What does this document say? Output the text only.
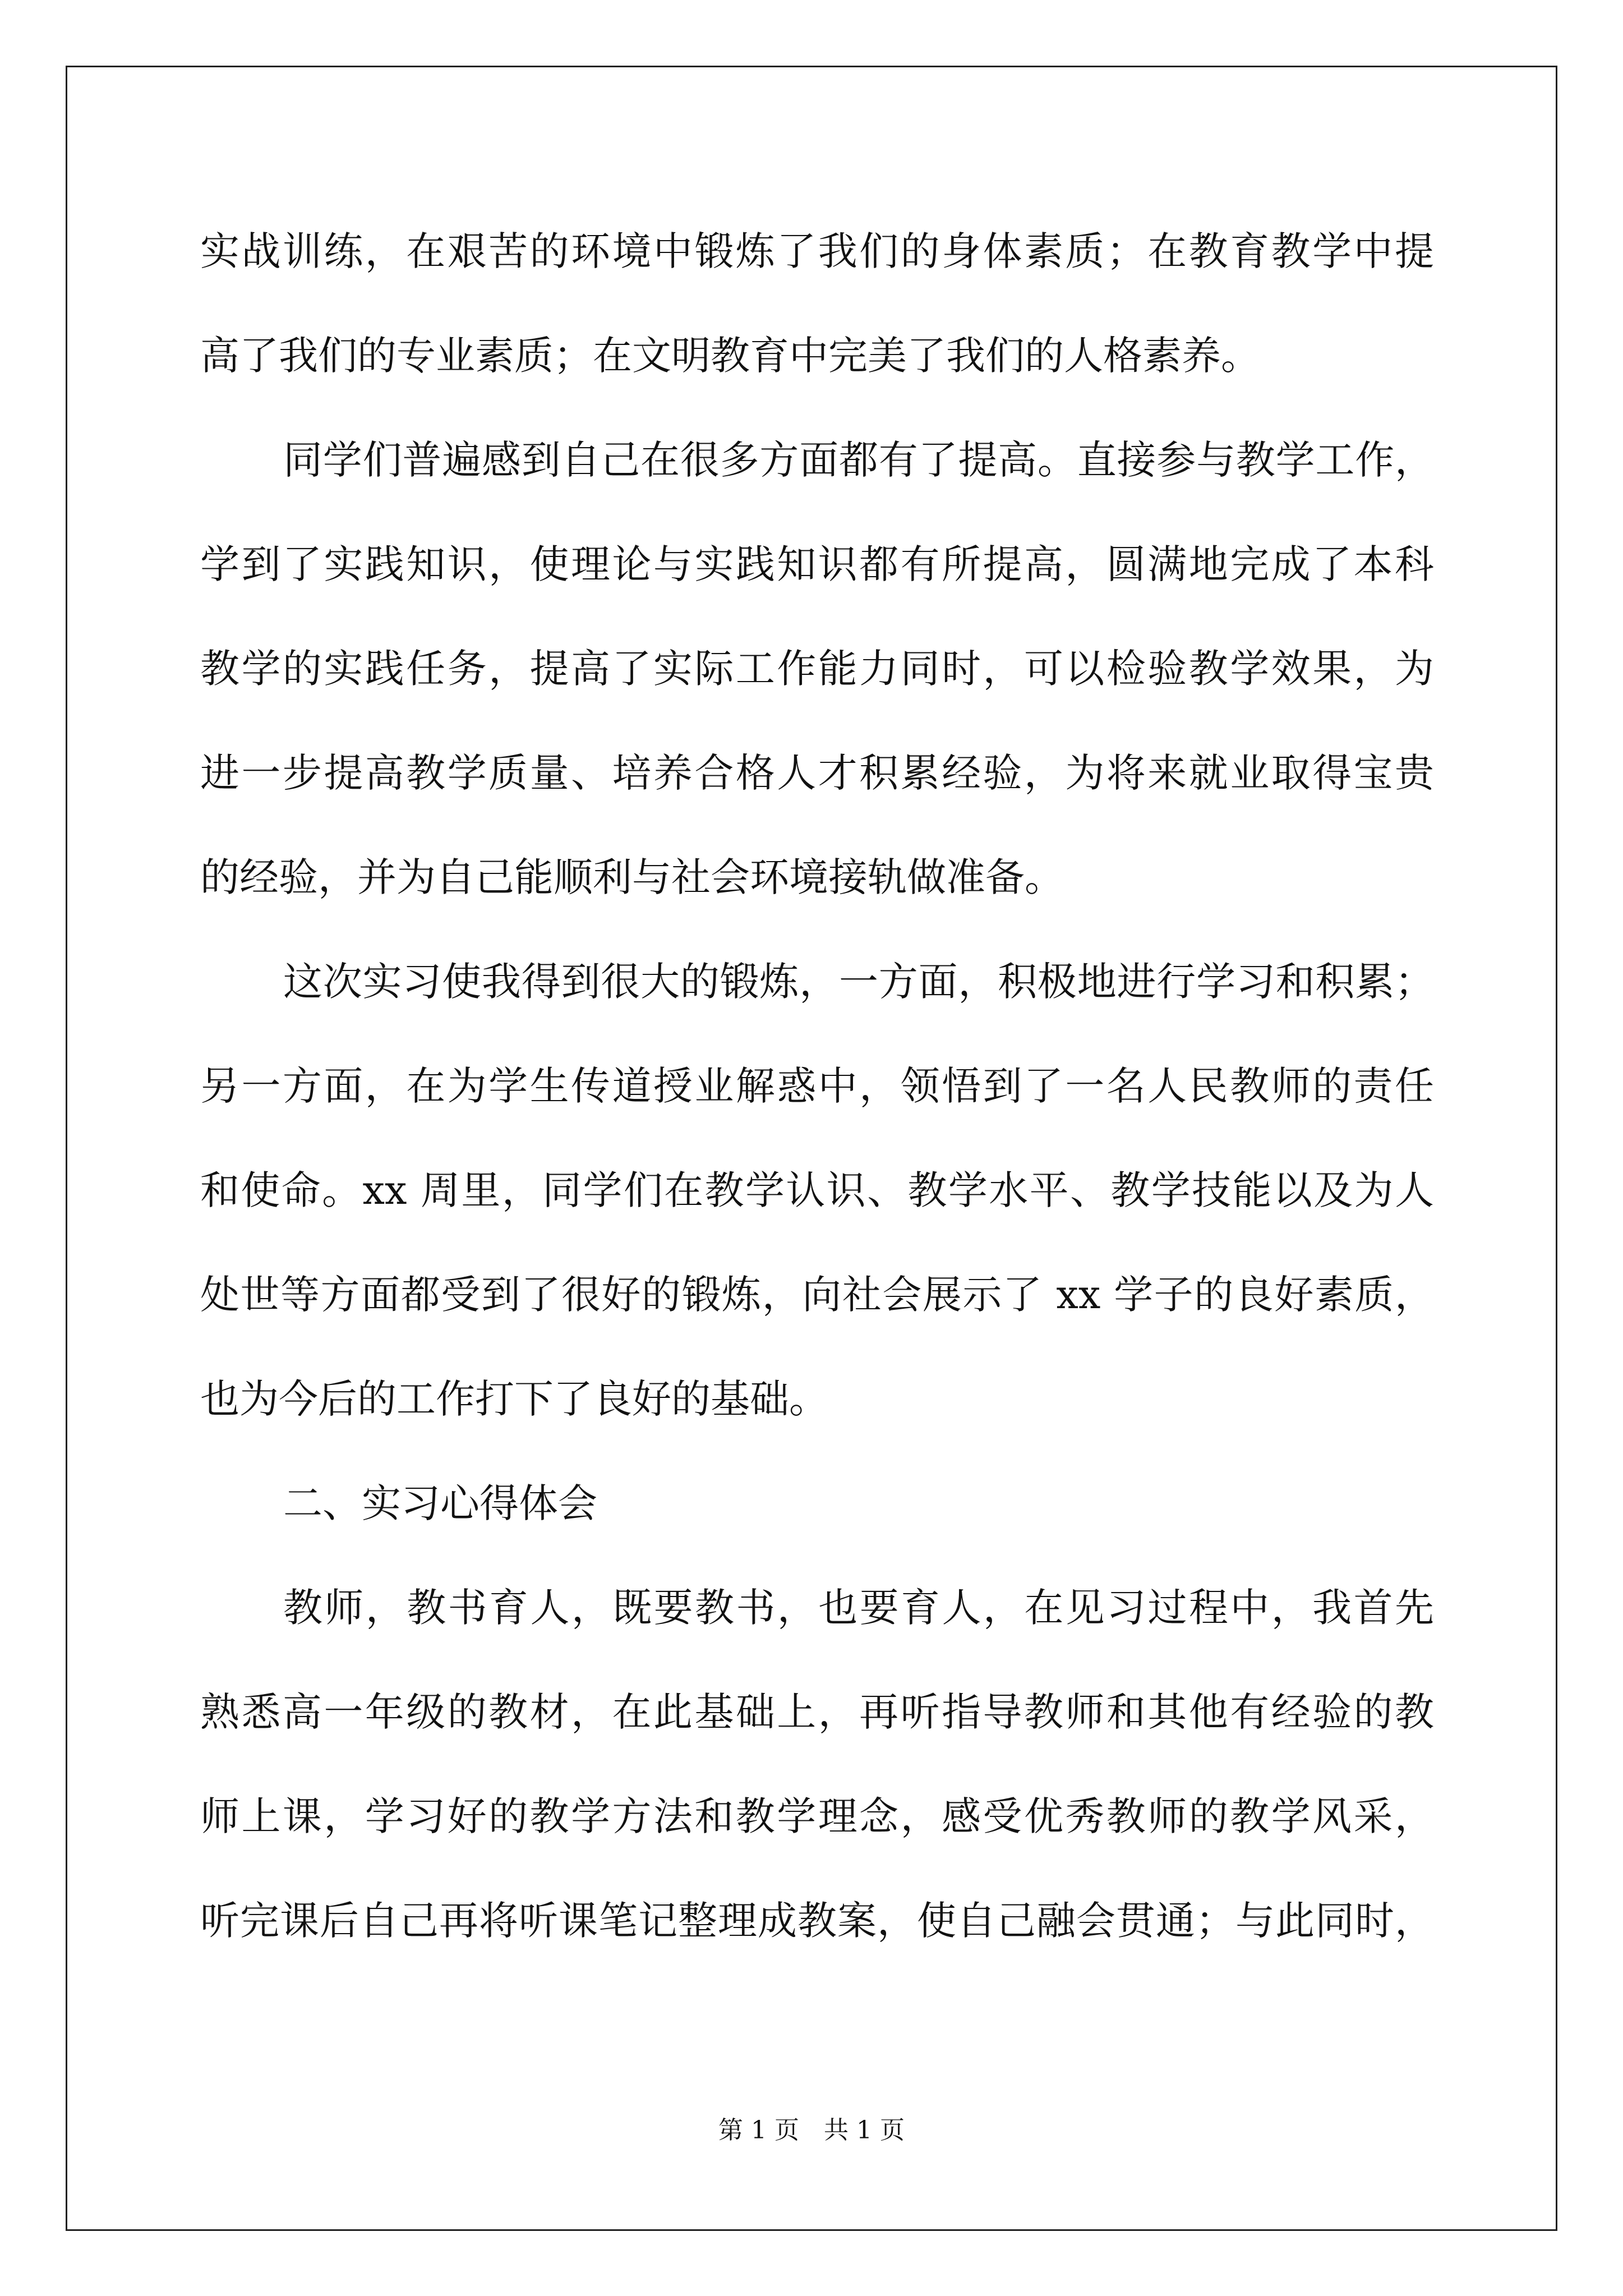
实战训练，在艰苦的环境中锻炼了我们的身体素质；在教育教学中提
高了我们的专业素质；在文明教育中完美了我们的人格素养。
同学们普遍感到自己在很多方面都有了提高。直接参与教学工作，
学到了实践知识，使理论与实践知识都有所提高，圆满地完成了本科
教学的实践任务，提高了实际工作能力同时，可以检验教学效果，为
进一步提高教学质量、培养合格人才积累经验，为将来就业取得宝贵
的经验，并为自己能顺利与社会环境接轨做准备。
这次实习使我得到很大的锻炼，一方面，积极地进行学习和积累；
另一方面，在为学生传道授业解惑中，领悟到了一名人民教师的责任
和使命。xx 周里，同学们在教学认识、教学水平、教学技能以及为人
处世等方面都受到了很好的锻炼，向社会展示了 xx 学子的良好素质，
也为今后的工作打下了良好的基础。
二、实习心得体会
教师，教书育人，既要教书，也要育人，在见习过程中，我首先
熟悉高一年级的教材，在此基础上，再听指导教师和其他有经验的教
师上课，学习好的教学方法和教学理念，感受优秀教师的教学风采，
听完课后自己再将听课笔记整理成教案，使自己融会贯通；与此同时，
第 1 页　共 1 页
